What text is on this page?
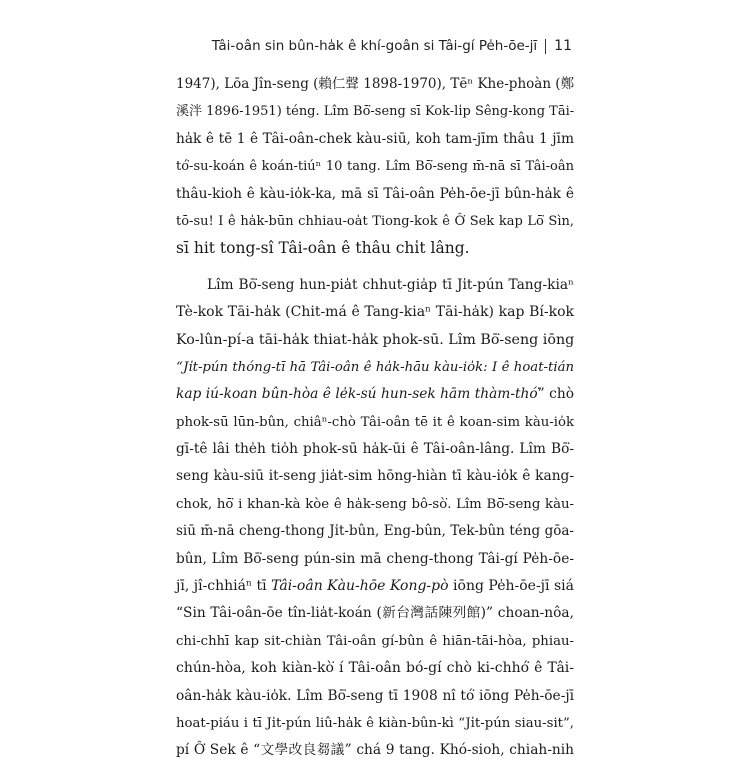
Tâi-oân sin bûn-ha̍k ê khí-goân si Tâi-gí Pe̍h-ōe-jī 11
1947), Lōa Jîn-seng (賴仁聲 1898-1970), Tēⁿ Khe-phoàn (鄭
溪泮 1896-1951) téng. Lîm Bō͘-seng sī Kok-li̍p Sêng-kong Tāi-
ha̍k ê tē 1 ê Tâi-oân-chek kàu-siū, koh tam-jīm thâu 1 jīm
tó͘-su-koán ê koán-tiúⁿ 10 tang. Lîm Bō͘-seng m̄-nā sī Tâi-oân
thâu-kioh ê kàu-io̍k-ka, mā sī Tâi-oân Pe̍h-ōe-jī bûn-ha̍k ê
tō-su! I ê ha̍k-būn chhiau-oa̍t Tiong-kok ê Ô͘ Sek kap Lō͘ Sìn,
sī hit tong-sî Tâi-oân ê thâu chi̍t lâng.
Lîm Bō͘-seng hun-pia̍t chhut-gia̍p tī Ji̍t-pún Tang-kiaⁿ
Tè-kok Tāi-ha̍k (Chit-má ê Tang-kiaⁿ Tāi-ha̍k) kap Bí-kok
Ko-lûn-pí-a tāi-ha̍k thiat-ha̍k phok-sū. Lîm Bō͘-seng iōng
“Ji̍t-pún thóng-tī hā Tâi-oân ê ha̍k-hāu kàu-io̍k: I ê hoat-tián
kap iú-koan bûn-hòa ê le̍k-sú hun-sek hām thàm-thó͘” chò
phok-sū lūn-bûn, chiâⁿ-chò Tâi-oân tē it ê koan-sim kàu-io̍k
gī-tê lâi the̍h tio̍h phok-sū ha̍k-ūi ê Tâi-oân-lâng. Lîm Bō͘-
seng kàu-siū it-seng jia̍t-sim hōng-hiàn tī kàu-io̍k ê kang-
chok, hō͘ i khan-kà kòe ê ha̍k-seng bô-sò͘. Lîm Bō͘-seng kàu-
siū m̄-nā cheng-thong Ji̍t-bûn, Eng-bûn, Tek-bûn téng gōa-
bûn, Lîm Bō͘-seng pún-sin mā cheng-thong Tâi-gí Pe̍h-ōe-
jī, jî-chhiáⁿ tī Tâi-oân Kàu-hōe Kong-pò iōng Pe̍h-ōe-jī siá
“Sin Tâi-oân-ōe tîn-lia̍t-koán (新台灣話陳列館)” choan-nôa,
chi-chhī kap sit-chiàn Tâi-oân gí-bûn ê hiān-tāi-hòa, phiau-
chún-hòa, koh kiàn-kò͘ í Tâi-oân bó-gí chò ki-chhó͘ ê Tâi-
oân-ha̍k kàu-io̍k. Lîm Bō͘-seng tī 1908 nî tó͘ iōng Pe̍h-ōe-jī
hoat-piáu i tī Ji̍t-pún liû-ha̍k ê kiàn-bûn-kì “Ji̍t-pún siau-sit”,
pí Ô͘ Sek ê “文學改良芻議” chá 9 tang. Khó-sioh, chiah-nih
